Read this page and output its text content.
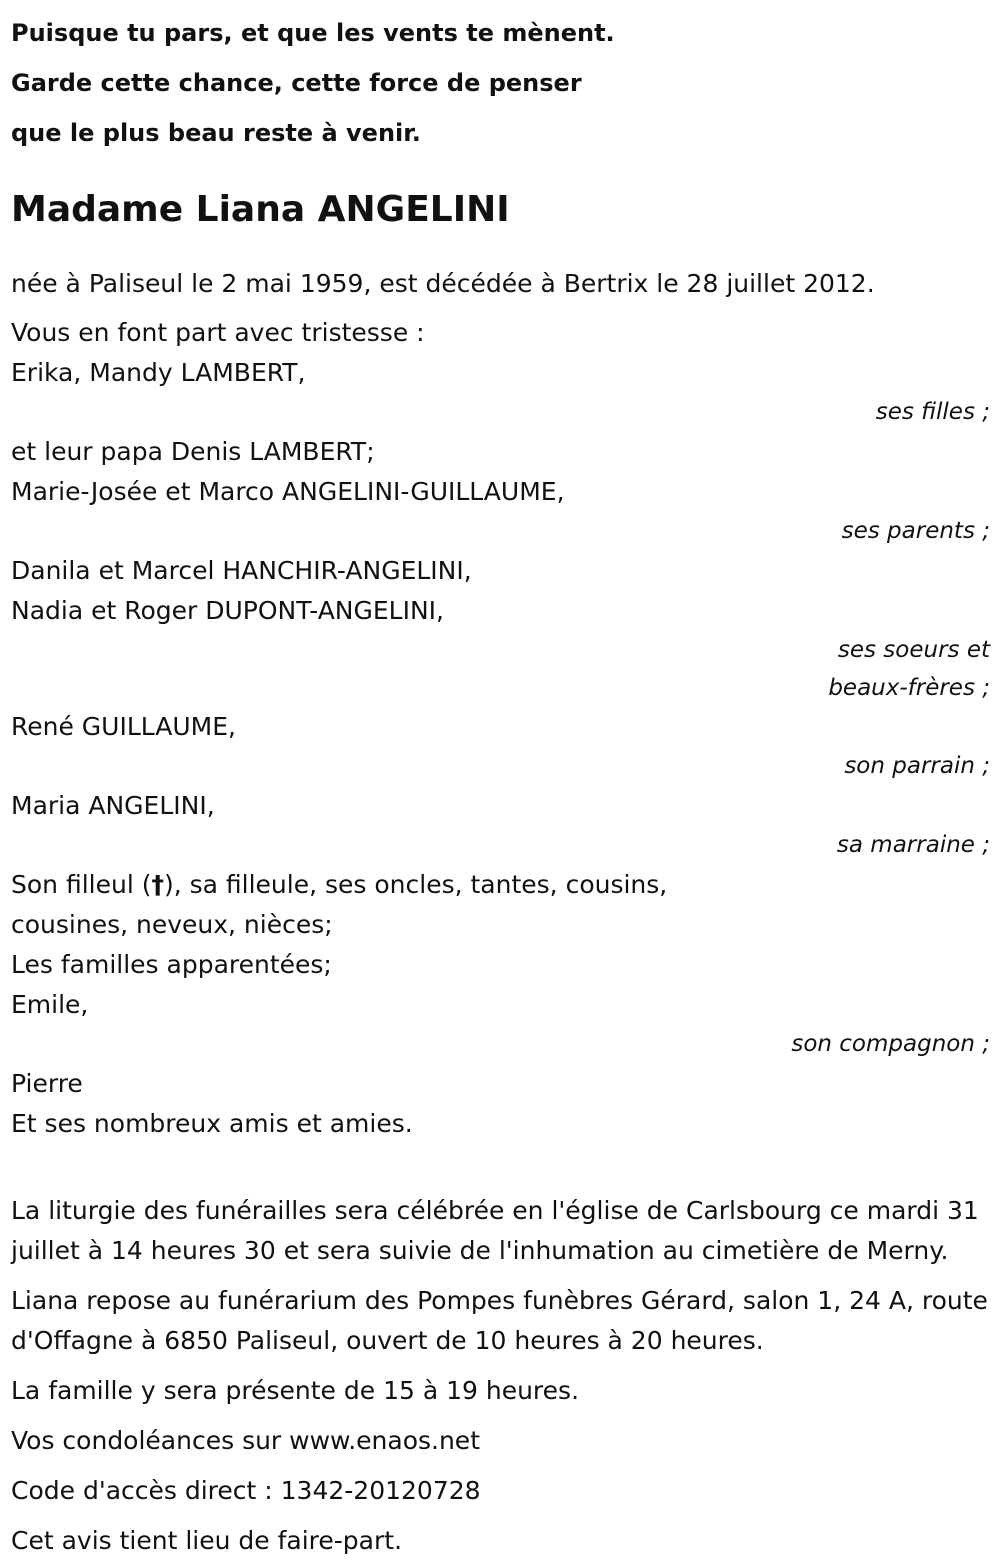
Puisque tu pars, et que les vents te mènent.
Garde cette chance, cette force de penser
que le plus beau reste à venir.
Madame Liana ANGELINI
née à Paliseul le 2 mai 1959, est décédée à Bertrix le 28 juillet 2012.
Vous en font part avec tristesse :
Erika, Mandy LAMBERT,
ses filles ;
et leur papa Denis LAMBERT;
Marie-Josée et Marco ANGELINI-GUILLAUME,
ses parents ;
Danila et Marcel HANCHIR-ANGELINI,
Nadia et Roger DUPONT-ANGELINI,
ses soeurs et
beaux-frères ;
René GUILLAUME,
son parrain ;
Maria ANGELINI,
sa marraine ;
Son filleul (†), sa filleule, ses oncles, tantes, cousins,
cousines, neveux, nièces;
Les familles apparentées;
Emile,
son compagnon ;
Pierre
Et ses nombreux amis et amies.
La liturgie des funérailles sera célébrée en l'église de Carlsbourg ce mardi 31 juillet à 14 heures 30 et sera suivie de l'inhumation au cimetière de Merny.
Liana repose au funérarium des Pompes funèbres Gérard, salon 1, 24 A, route d'Offagne à 6850 Paliseul, ouvert de 10 heures à 20 heures.
La famille y sera présente de 15 à 19 heures.
Vos condoléances sur www.enaos.net
Code d'accès direct : 1342-20120728
Cet avis tient lieu de faire-part.
